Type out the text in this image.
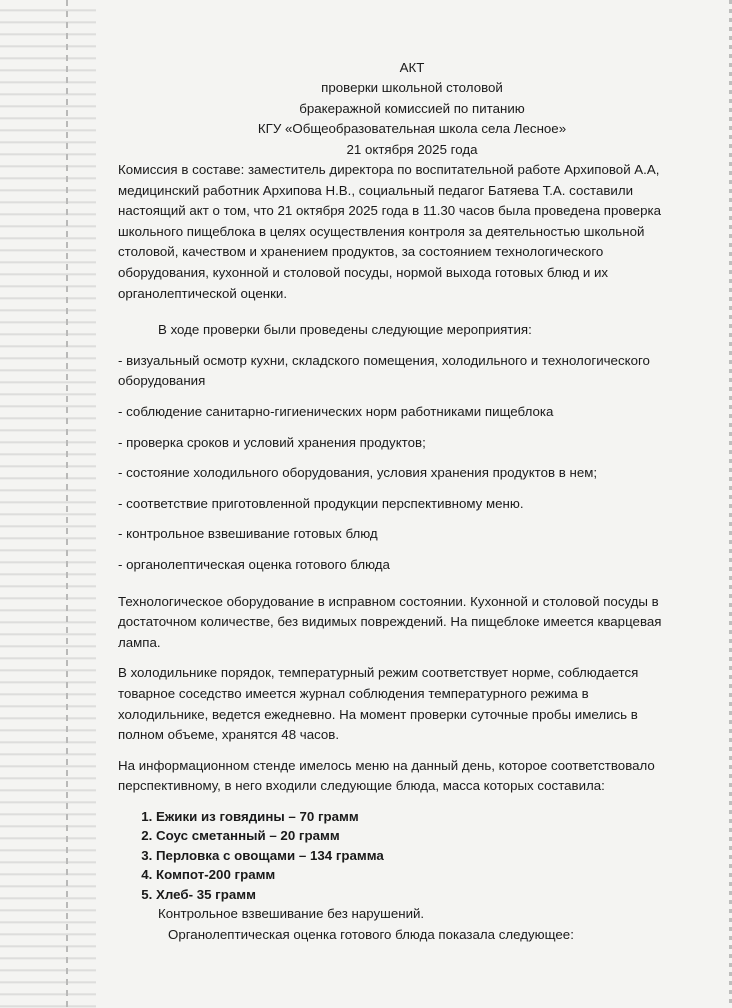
АКТ
проверки школьной столовой
бракеражной комиссией по питанию
КГУ «Общеобразовательная школа села Лесное»
21 октября 2025 года

Комиссия в составе: заместитель директора по воспитательной работе Архиповой А.А, медицинский работник Архипова Н.В., социальный педагог Батяева Т.А. составили настоящий акт о том, что 21 октября 2025 года в 11.30 часов была проведена проверка школьного пищеблока в целях осуществления контроля за деятельностью школьной столовой, качеством и хранением продуктов, за состоянием технологического оборудования, кухонной и столовой посуды, нормой выхода готовых блюд и их органолептической оценки.

В ходе проверки были проведены следующие мероприятия:

- визуальный осмотр кухни, складского помещения, холодильного и технологического оборудования

- соблюдение санитарно-гигиенических норм работниками пищеблока

- проверка сроков и условий хранения продуктов;

- состояние холодильного оборудования, условия хранения продуктов в нем;

- соответствие приготовленной продукции перспективному меню.

- контрольное взвешивание готовых блюд

- органолептическая оценка готового блюда

Технологическое оборудование в исправном состоянии. Кухонной и столовой посуды в достаточном количестве, без видимых повреждений. На пищеблоке имеется кварцевая лампа.

В холодильнике порядок, температурный режим соответствует норме, соблюдается товарное соседство имеется журнал соблюдения температурного режима в холодильнике, ведется ежедневно. На момент проверки суточные пробы имелись в полном объеме, хранятся 48 часов.

На информационном стенде имелось меню на данный день, которое соответствовало перспективному, в него входили следующие блюда, масса которых составила:

1. Ежики из говядины – 70 грамм
2. Соус сметанный – 20 грамм
3. Перловка с овощами – 134 грамма
4. Компот-200 грамм
5. Хлеб- 35 грамм

Контрольное взвешивание без нарушений.

Органолептическая оценка готового блюда показала следующее:
